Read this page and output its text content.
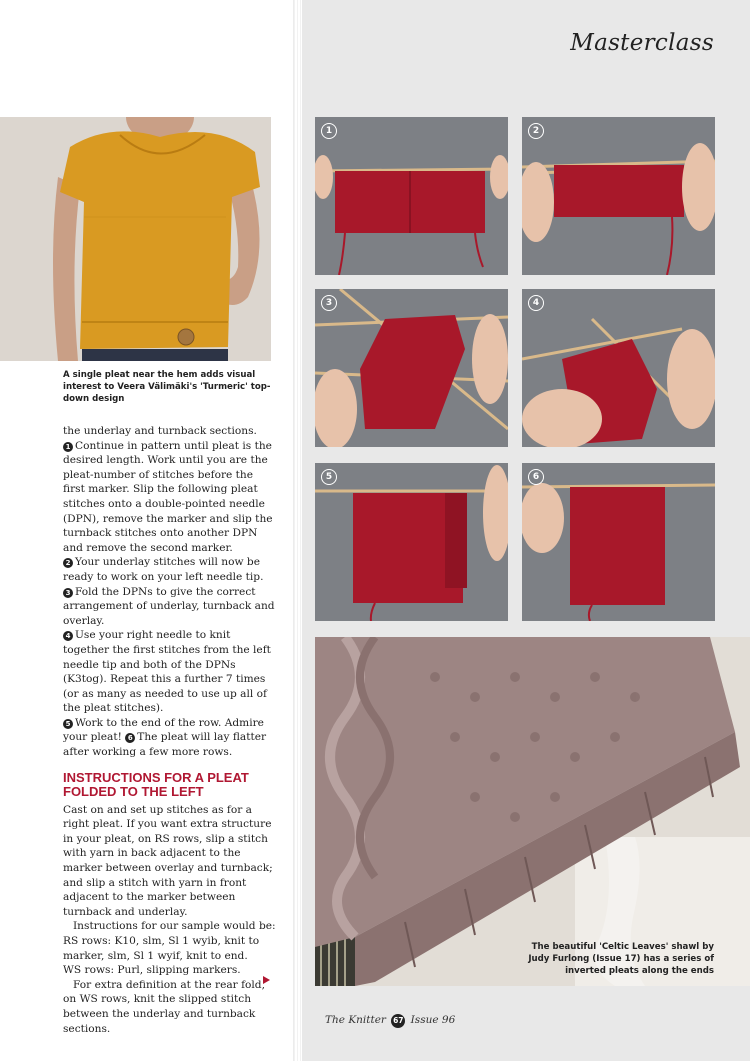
Masterclass
A single pleat near the hem adds visual interest to Veera Välimäki's 'Turmeric' top-down design

the underlay and turnback sections.

1 Continue in pattern until pleat is the desired length. Work until you are the pleat-number of stitches before the first marker. Slip the following pleat stitches onto a double-pointed needle (DPN), remove the marker and slip the turnback stitches onto another DPN and remove the second marker.

2 Your underlay stitches will now be ready to work on your left needle tip.

3 Fold the DPNs to give the correct arrangement of underlay, turnback and overlay.

4 Use your right needle to knit together the first stitches from the left needle tip and both of the DPNs (K3tog). Repeat this a further 7 times (or as many as needed to use up all of the pleat stitches).

5 Work to the end of the row. Admire your pleat! 6 The pleat will lay flatter after working a few more rows.

INSTRUCTIONS FOR A PLEAT FOLDED TO THE LEFT

Cast on and set up stitches as for a right pleat. If you want extra structure in your pleat, on RS rows, slip a stitch with yarn in back adjacent to the marker between overlay and turnback; and slip a stitch with yarn in front adjacent to the marker between turnback and underlay.

Instructions for our sample would be:

RS rows: K10, slm, Sl 1 wyib, knit to marker, slm, Sl 1 wyif, knit to end.

WS rows: Purl, slipping markers.

For extra definition at the rear fold, on WS rows, knit the slipped stitch between the underlay and turnback sections.

1	2
3	4
5	6
The beautiful 'Celtic Leaves' shawl by Judy Furlong (Issue 17) has a series of inverted pleats along the ends
The Knitter 67 Issue 96
